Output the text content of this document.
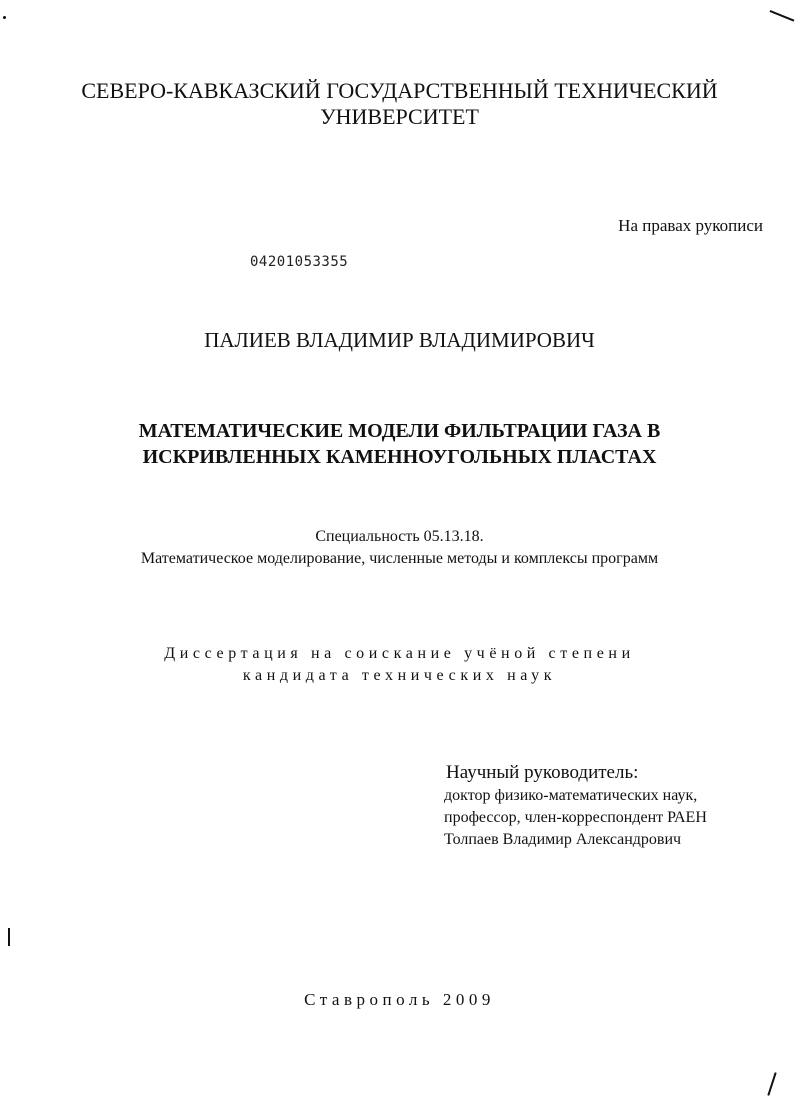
СЕВЕРО-КАВКАЗСКИЙ ГОСУДАРСТВЕННЫЙ ТЕХНИЧЕСКИЙ
УНИВЕРСИТЕТ
На правах рукописи
04201053355
ПАЛИЕВ ВЛАДИМИР ВЛАДИМИРОВИЧ
МАТЕМАТИЧЕСКИЕ МОДЕЛИ ФИЛЬТРАЦИИ ГАЗА В
ИСКРИВЛЕННЫХ КАМЕННОУГОЛЬНЫХ ПЛАСТАХ
Специальность 05.13.18.
Математическое моделирование, численные методы и комплексы программ
Диссертация на соискание учёной степени
кандидата технических наук
Научный руководитель:
доктор физико-математических наук,
профессор, член-корреспондент РАЕН
Толпаев Владимир Александрович
Ставрополь 2009
